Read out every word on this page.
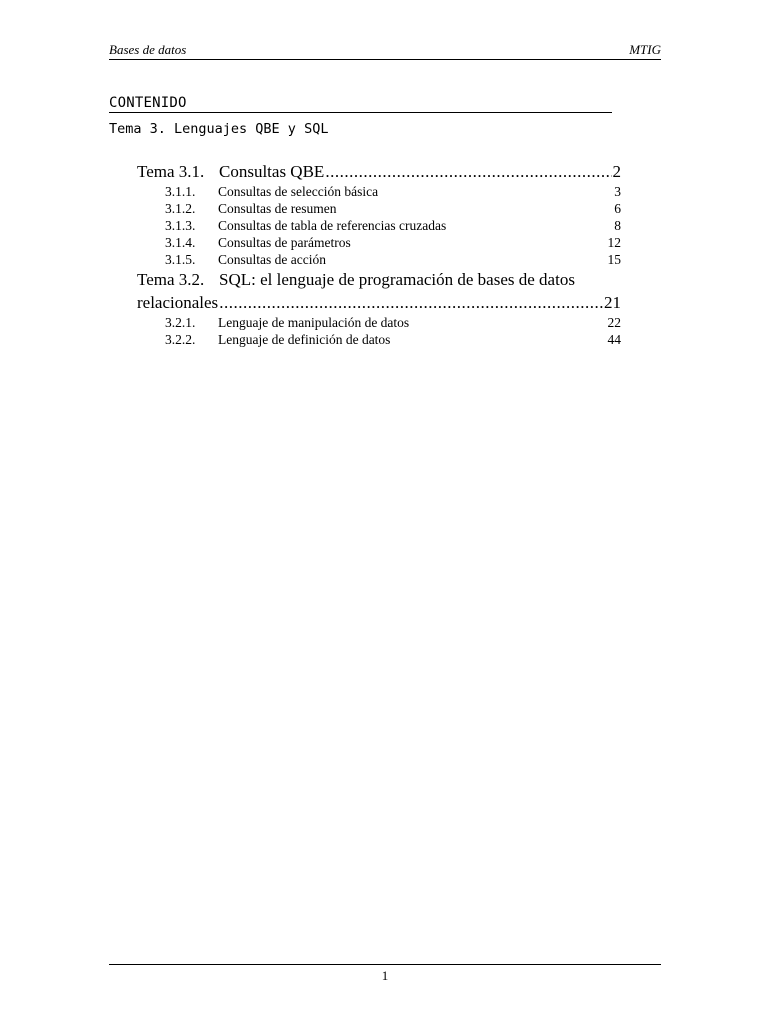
Bases de datos	MTIG
CONTENIDO
Tema 3. Lenguajes QBE y SQL
Tema 3.1. Consultas QBE .....	2
3.1.1.	Consultas de selección básica	3
3.1.2.	Consultas de resumen	6
3.1.3.	Consultas de tabla de referencias cruzadas	8
3.1.4.	Consultas de parámetros	12
3.1.5.	Consultas de acción	15
Tema 3.2. SQL: el lenguaje de programación de bases de datos
relacionales .....	21
3.2.1.	Lenguaje de manipulación de datos	22
3.2.2.	Lenguaje de definición de datos	44
1
